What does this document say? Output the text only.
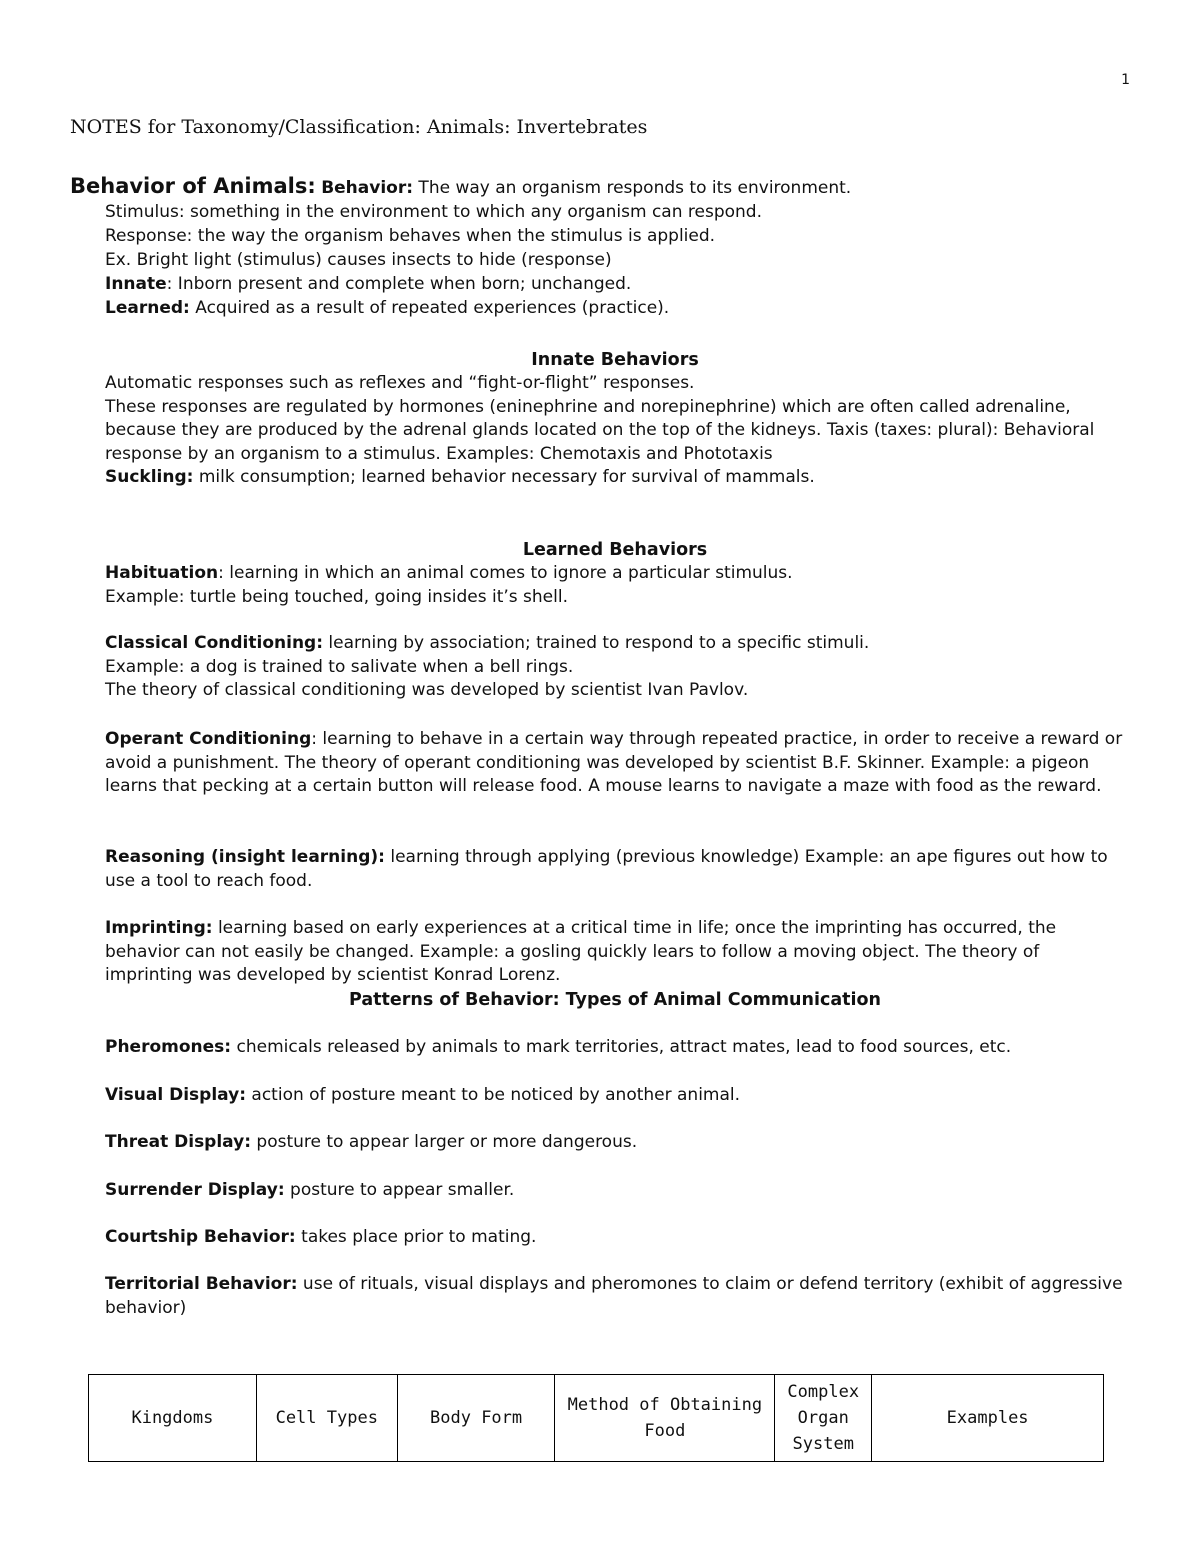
1
NOTES for Taxonomy/Classification: Animals: Invertebrates
Behavior of Animals: Behavior: The way an organism responds to its environment.
Stimulus: something in the environment to which any organism can respond.
Response: the way the organism behaves when the stimulus is applied.
Ex. Bright light (stimulus) causes insects to hide (response)
Innate: Inborn present and complete when born; unchanged.
Learned: Acquired as a result of repeated experiences (practice).
Innate Behaviors

Automatic responses such as reflexes and “fight-or-flight” responses.

These responses are regulated by hormones (eninephrine and norepinephrine) which are often called adrenaline, because they are produced by the adrenal glands located on the top of the kidneys. Taxis (taxes: plural): Behavioral response by an organism to a stimulus. Examples: Chemotaxis and Phototaxis

Suckling: milk consumption; learned behavior necessary for survival of mammals.

Learned Behaviors

Habituation: learning in which an animal comes to ignore a particular stimulus.

Example: turtle being touched, going insides it’s shell.

Classical Conditioning: learning by association; trained to respond to a specific stimuli.

Example: a dog is trained to salivate when a bell rings.

The theory of classical conditioning was developed by scientist Ivan Pavlov.

Operant Conditioning: learning to behave in a certain way through repeated practice, in order to receive a reward or avoid a punishment. The theory of operant conditioning was developed by scientist B.F. Skinner. Example: a pigeon learns that pecking at a certain button will release food. A mouse learns to navigate a maze with food as the reward.

Reasoning (insight learning): learning through applying (previous knowledge) Example: an ape figures out how to use a tool to reach food.

Imprinting: learning based on early experiences at a critical time in life; once the imprinting has occurred, the behavior can not easily be changed. Example: a gosling quickly lears to follow a moving object. The theory of imprinting was developed by scientist Konrad Lorenz.

Patterns of Behavior: Types of Animal Communication

Pheromones: chemicals released by animals to mark territories, attract mates, lead to food sources, etc.

Visual Display: action of posture meant to be noticed by another animal.

Threat Display: posture to appear larger or more dangerous.

Surrender Display: posture to appear smaller.

Courtship Behavior: takes place prior to mating.

Territorial Behavior: use of rituals, visual displays and pheromones to claim or defend territory (exhibit of aggressive behavior)

Kingdoms	Cell Types	Body Form	Method of Obtaining Food	Complex Organ System	Examples
